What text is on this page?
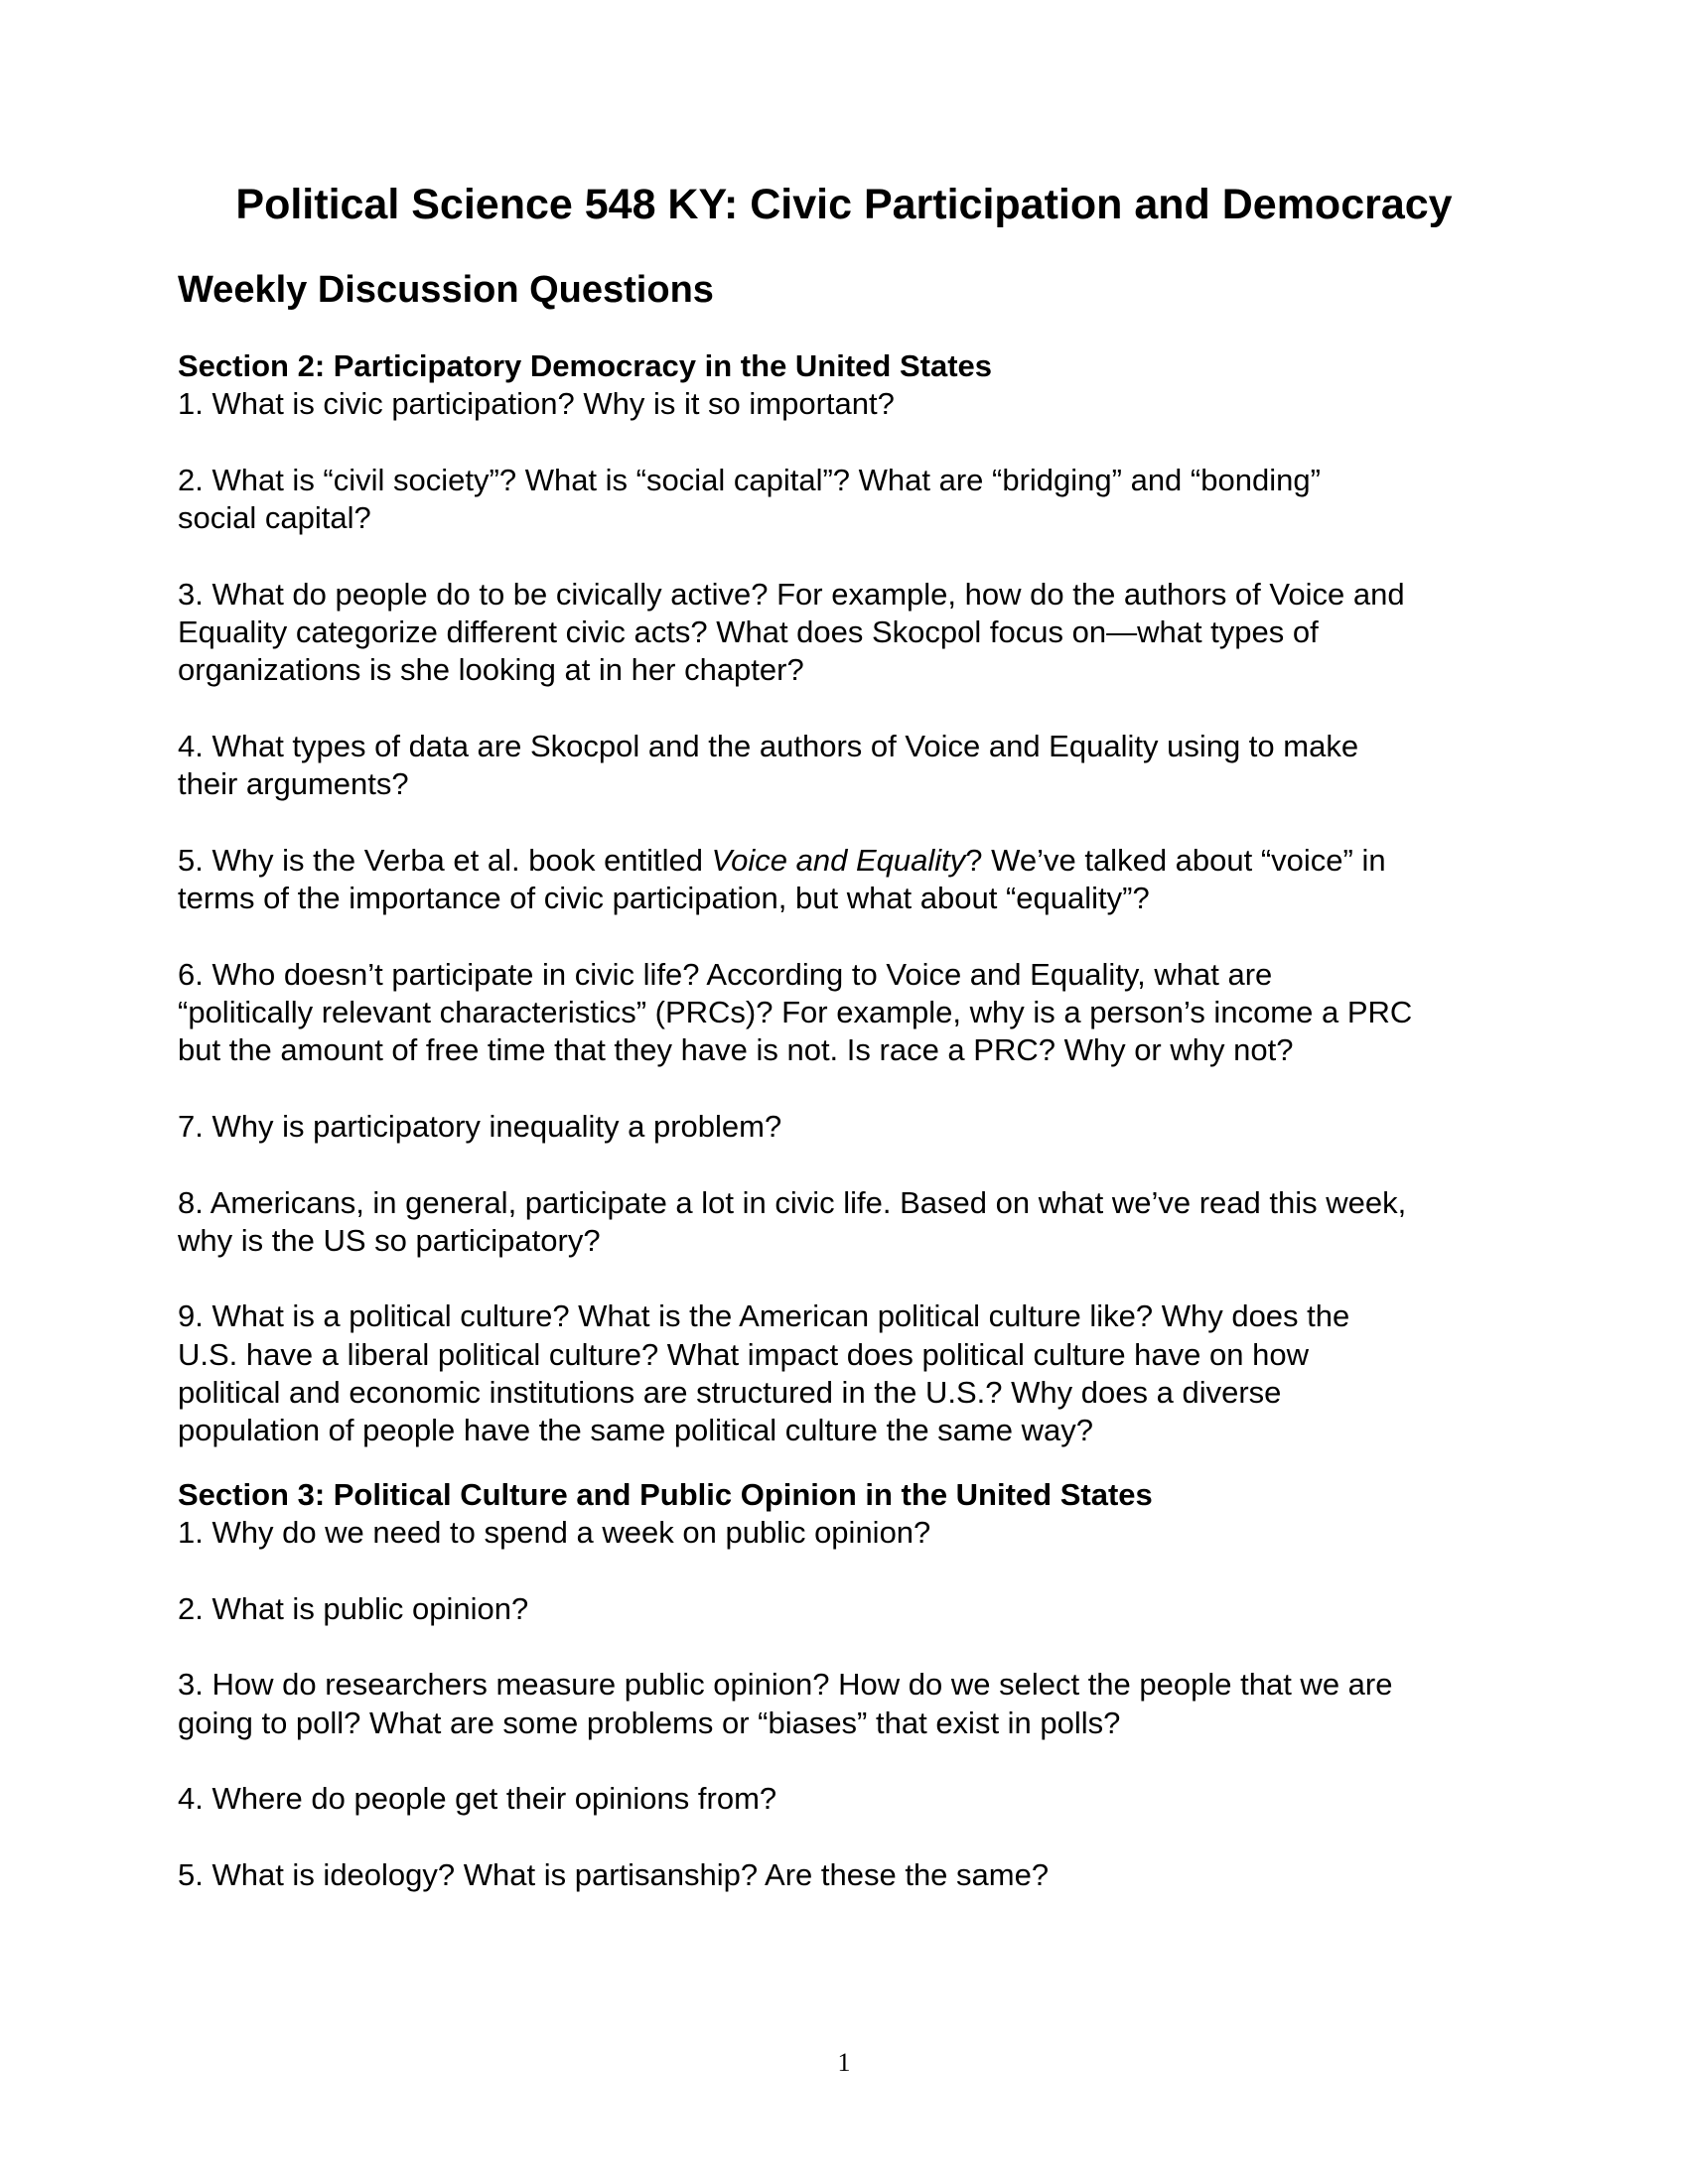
Political Science 548 KY: Civic Participation and Democracy
Weekly Discussion Questions
Section 2: Participatory Democracy in the United States
1. What is civic participation? Why is it so important?
2. What is “civil society”? What is “social capital”? What are “bridging” and “bonding”
social capital?
3. What do people do to be civically active? For example, how do the authors of Voice and
Equality categorize different civic acts? What does Skocpol focus on—what types of
organizations is she looking at in her chapter?
4. What types of data are Skocpol and the authors of Voice and Equality using to make
their arguments?
5. Why is the Verba et al. book entitled Voice and Equality? We’ve talked about “voice” in
terms of the importance of civic participation, but what about “equality”?
6. Who doesn’t participate in civic life? According to Voice and Equality, what are
“politically relevant characteristics” (PRCs)? For example, why is a person’s income a PRC
but the amount of free time that they have is not. Is race a PRC? Why or why not?
7. Why is participatory inequality a problem?
8. Americans, in general, participate a lot in civic life. Based on what we’ve read this week,
why is the US so participatory?
9. What is a political culture? What is the American political culture like? Why does the
U.S. have a liberal political culture? What impact does political culture have on how
political and economic institutions are structured in the U.S.? Why does a diverse
population of people have the same political culture the same way?
Section 3: Political Culture and Public Opinion in the United States
1. Why do we need to spend a week on public opinion?
2. What is public opinion?
3. How do researchers measure public opinion? How do we select the people that we are
going to poll? What are some problems or “biases” that exist in polls?
4. Where do people get their opinions from?
5. What is ideology? What is partisanship? Are these the same?
1
